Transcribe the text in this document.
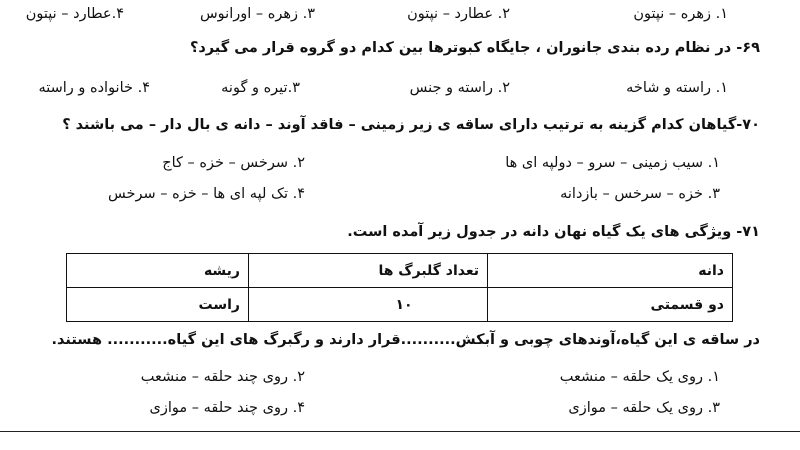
۱. زهره – نپتون
۲. عطارد – نپتون
۳. زهره – اورانوس
۴.عطارد – نپتون
۶۹- در نظام رده بندی جانوران ، جایگاه کبوترها بین کدام دو گروه قرار می گیرد؟
۱. راسته و شاخه
۲. راسته و جنس
۳.تیره و گونه
۴. خانواده و راسته
۷۰-گیاهان کدام گزینه به ترتیب دارای ساقه ی زیر زمینی – فاقد آوند – دانه ی بال دار – می باشند ؟
۱. سیب زمینی – سرو – دولپه ای ها
۲. سرخس – خزه – کاج
۳. خزه – سرخس – بازدانه
۴. تک لپه ای ها – خزه – سرخس
۷۱- ویژگی های یک گیاه نهان دانه در جدول زیر آمده است.
دانه	تعداد گلبرگ ها	ریشه
دو قسمتی	۱۰	راست
در ساقه ی این گیاه،آوندهای چوبی و آبکش..........قرار دارند و رگبرگ های این گیاه........... هستند.
۱. روی یک حلقه – منشعب
۲. روی چند حلقه – منشعب
۳. روی یک حلقه – موازی
۴. روی چند حلقه – موازی
